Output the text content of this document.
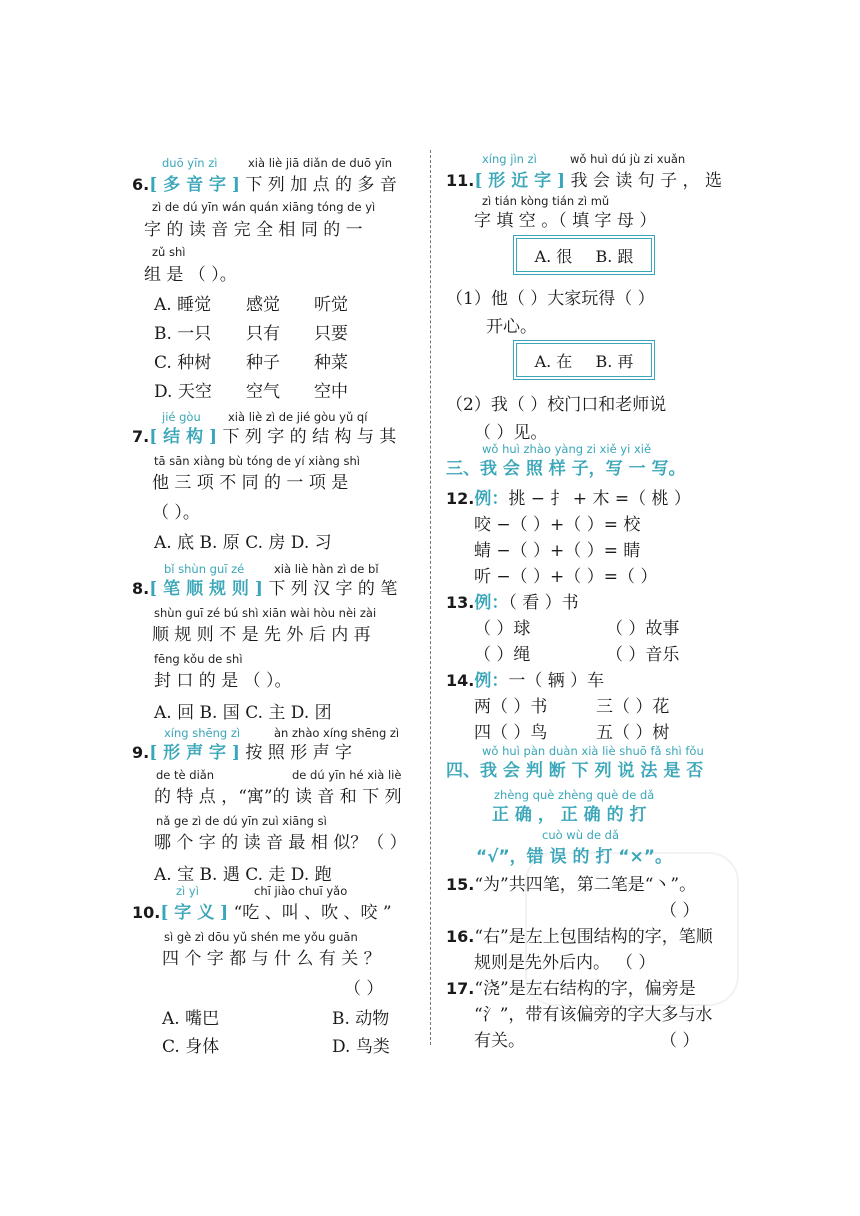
duō yīn zì	xià liè jiā diǎn de duō yīn
6.[ 多 音 字 ] 下 列 加 点 的 多 音
zì de dú yīn wán quán xiāng tóng de yì
字 的 读 音 完 全 相 同 的 一
zǔ shì
组 是 （ ）。
A. 睡觉 感觉 听觉
B. 一只 只有 只要
C. 种树 种子 种菜
D. 天空 空气 空中
jié gòu xià liè zì de jié gòu yǔ qí
7.[ 结 构 ] 下 列 字 的 结 构 与 其
tā sān xiàng bù tóng de yí xiàng shì
他 三 项 不 同 的 一 项 是
（ ）。
A. 底 B. 原 C. 房 D. 习
bǐ shùn guī zé	xià liè hàn zì de bǐ
8.[ 笔 顺 规 则 ] 下 列 汉 字 的 笔
shùn guī zé bú shì xiān wài hòu nèi zài
顺 规 则 不 是 先 外 后 内 再
fēng kǒu de shì
封 口 的 是 （ ）。
A. 回 B. 国 C. 主 D. 团
xíng shēng zì	àn zhào xíng shēng zì
9.[ 形 声 字 ] 按 照 形 声 字
de tè diǎn	de dú yīn hé xià liè
的 特 点 ，“寓”的 读 音 和 下 列
nǎ ge zì de dú yīn zuì xiāng sì
哪 个 字 的 读 音 最 相 似？（ ）
A. 宝 B. 遇 C. 走 D. 跑
zì yì	chī jiào chuī yǎo
10.[ 字 义 ] “吃 、叫 、吹 、咬 ”
sì gè zì dōu yǔ shén me yǒu guān
四 个 字 都 与 什 么 有 关 ？
（ ）
A. 嘴巴	B. 动物
C. 身体	D. 鸟类
xíng jìn zì	wǒ huì dú jù zi xuǎn
11.[ 形 近 字 ] 我 会 读 句 子 ， 选
zì tián kòng tián zì mǔ
字 填 空 。（ 填 字 母 ）
A. 很 B. 跟
（1）他（ ）大家玩得（ ）
开心。
A. 在 B. 再
（2）我（ ）校门口和老师说
（ ）见。
wǒ huì zhào yàng zi xiě yi xiě
三、我 会 照 样 子，写 一 写。
12.例：挑 − 扌 + 木 =（ 桃 ）
咬 −（ ）+（ ）= 校
蜻 −（ ）+（ ）= 睛
听 −（ ）+（ ）=（ ）
13.例：（ 看 ）书
（ ）球	（ ）故事
（ ）绳	（ ）音乐
14.例：一（ 辆 ）车
两（ ）书	三（ ）花
四（ ）鸟	五（ ）树
wǒ huì pàn duàn xià liè shuō fǎ shì fǒu
四、我 会 判 断 下 列 说 法 是 否
zhèng què zhèng què de dǎ
正 确 ， 正 确 的 打
cuò wù de dǎ
“√”，错 误 的 打 “×”。
15.“为”共四笔，第二笔是“丶”。
（ ）
16.“右”是左上包围结构的字，笔顺
规则是先外后内。 （ ）
17.“浇”是左右结构的字，偏旁是
“氵”，带有该偏旁的字大多与水
有关。	（ ）
